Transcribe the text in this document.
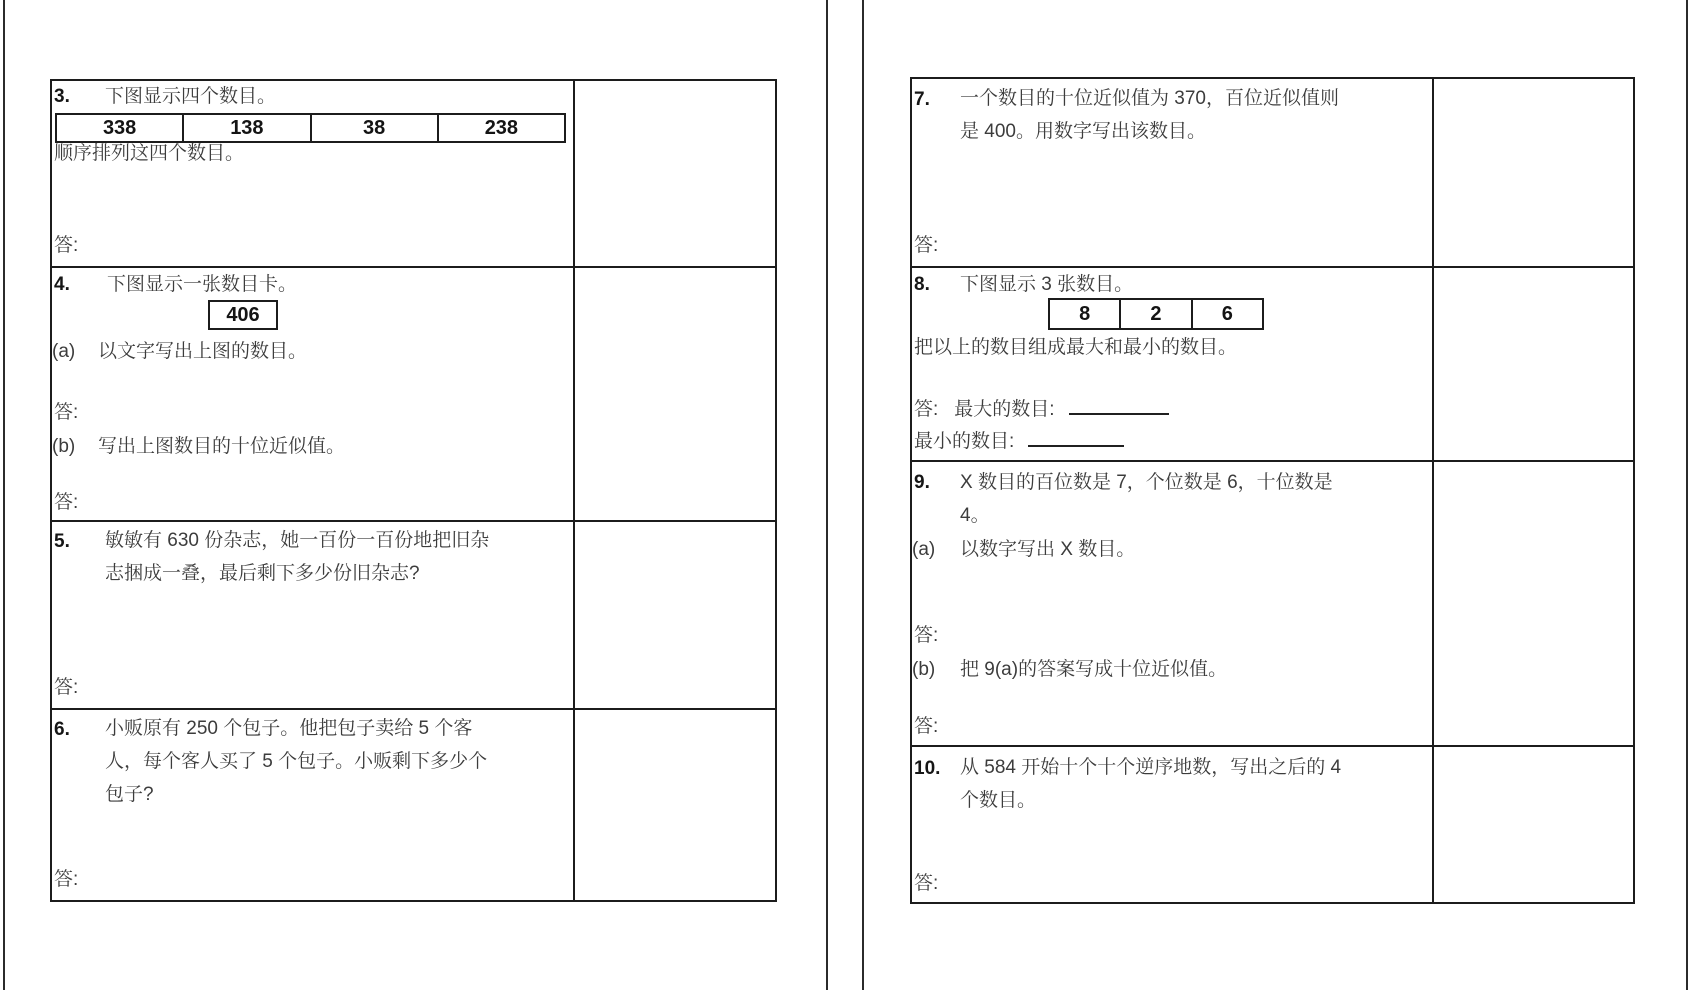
3. 下图显示四个数目。
338	138	38	238
顺序排列这四个数目。
答:
4. 下图显示一张数目卡。
406
(a) 以文字写出上图的数目。
答:
(b) 写出上图数目的十位近似值。
答:
5. 敏敏有 630 份杂志，她一百份一百份地把旧杂
志捆成一叠，最后剩下多少份旧杂志?
答:
6. 小贩原有 250 个包子。他把包子卖给 5 个客
人，每个客人买了 5 个包子。小贩剩下多少个
包子?
答:
7. 一个数目的十位近似值为 370，百位近似值则
是 400。用数字写出该数目。
答:
8. 下图显示 3 张数目。
8	2	6
把以上的数目组成最大和最小的数目。
答: 最大的数目:
最小的数目:
9. X 数目的百位数是 7，个位数是 6，十位数是
4。
(a) 以数字写出 X 数目。
答:
(b) 把 9(a)的答案写成十位近似值。
答:
10. 从 584 开始十个十个逆序地数，写出之后的 4
个数目。
答:
